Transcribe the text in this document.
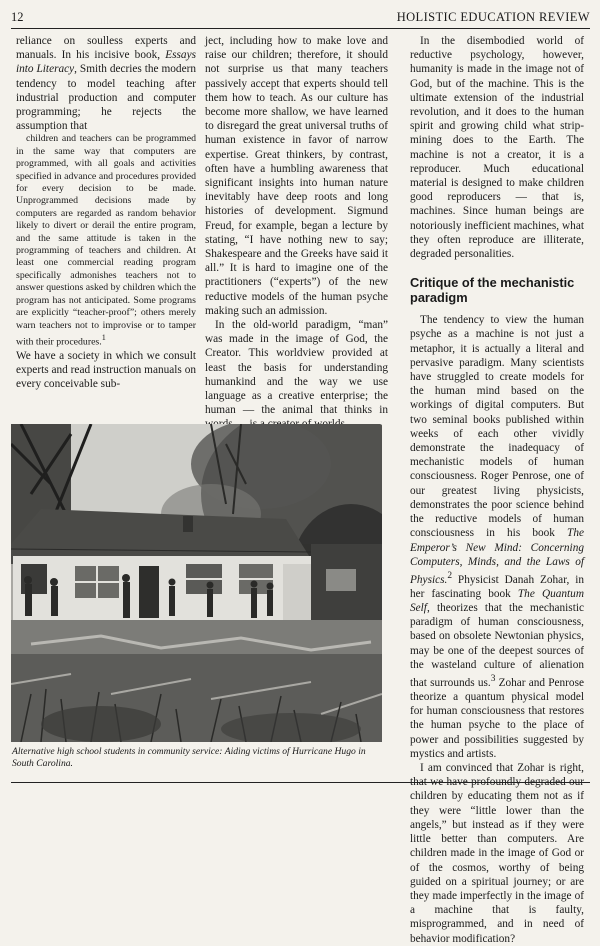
12	HOLISTIC EDUCATION REVIEW

reliance on soulless experts and manuals. In his incisive book, Essays into Literacy, Smith decries the modern tendency to model teaching after industrial production and computer programming; he rejects the assumption that

children and teachers can be programmed in the same way that computers are programmed, with all goals and activities specified in advance and procedures provided for every decision to be made. Unprogrammed decisions made by computers are regarded as random behavior likely to divert or derail the entire program, and the same attitude is taken in the programming of teachers and children. At least one commercial reading program specifically admonishes teachers not to answer questions asked by children which the program has not anticipated. Some programs are explicitly “teacher-proof”; others merely warn teachers not to improvise or to tamper with their procedures.$^1$

We have a society in which we consult experts and read instruction manuals on every conceivable sub-

ject, including how to make love and raise our children; therefore, it should not surprise us that many teachers passively accept that experts should tell them how to teach. As our culture has become more shallow, we have learned to disregard the great universal truths of human existence in favor of narrow expertise. Great thinkers, by contrast, often have a humbling awareness that significant insights into human nature inevitably have deep roots and long histories of development. Sigmund Freud, for example, began a lecture by stating, “I have nothing new to say; Shakespeare and the Greeks have said it all.” It is hard to imagine one of the practitioners (“experts”) of the new reductive models of the human psyche making such an admission.

In the old-world paradigm, “man” was made in the image of God, the Creator. This worldview provided at least the basis for understanding humankind and the way we use language as a creative enterprise; the human — the animal that thinks in

In the disembodied world of reductive psychology, however, humanity is made in the image not of God, but of the machine. This is the ultimate extension of the industrial revolution, and it does to the human spirit and growing child what strip-mining does to the Earth. The machine is not a creator, it is a reproducer. Much educational material is designed to make children good reproducers — that is, machines. Since human beings are notoriously inefficient machines, what they often reproduce are illiterate, degraded personalities.

Critique of the mechanistic paradigm

The tendency to view the human psyche as a machine is not just a metaphor, it is actually a literal and pervasive paradigm. Many scientists have struggled to create models for the human mind based on the workings of digital computers. But two seminal books published within weeks of each other vividly demonstrate the inadequacy of mechanistic models of human consciousness. Roger Penrose, one of our greatest living physicists, demonstrates the poor science behind the reductive models of human consciousness in his book The Emperor’s New Mind: Concerning Computers, Minds, and the Laws of Physics.$^2$ Physicist Danah Zohar, in her fascinating book The Quantum Self, theorizes that the mechanistic paradigm of human consciousness, based on obsolete Newtonian physics, may be one of the deepest sources of the wasteland culture of alienation that surrounds us.$^3$ Zohar and Penrose theorize a quantum physical model for human consciousness that restores the human psyche to the place of power and possibilities suggested by mystics and artists.

I am convinced that Zohar is right, that we have profoundly degraded our children by educating them not as if they were “little lower than the angels,” but instead as if they were little better than computers. Are children made in the image of God or of the cosmos, worthy of being guided on a spiritual journey; or are they made imperfectly in the image of a machine that is faulty, misprogrammed, and in need of behavior modification?

Alternative high school students in community service: Aiding victims of Hurricane Hugo in South Carolina.
